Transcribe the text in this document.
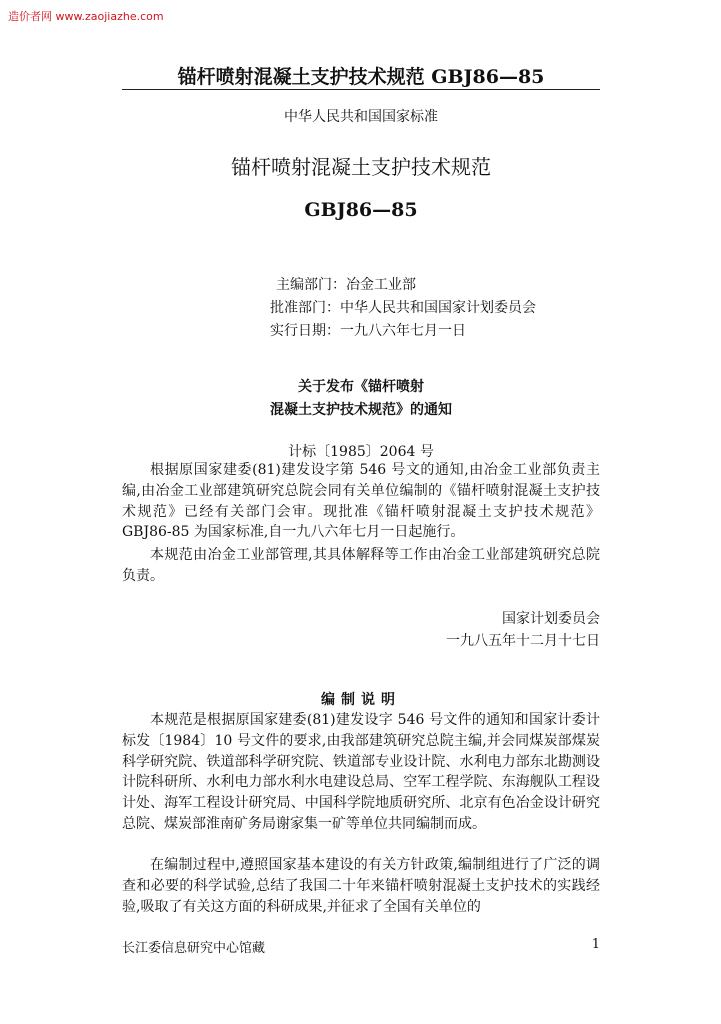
造价者网 www.zaojiazhe.com
锚杆喷射混凝土支护技术规范 GBJ86—85
中华人民共和国国家标准
锚杆喷射混凝土支护技术规范
GBJ86—85
主编部门：冶金工业部
批准部门：中华人民共和国国家计划委员会
实行日期：一九八六年七月一日
关于发布《锚杆喷射
混凝土支护技术规范》的通知
计标〔1985〕2064 号
根据原国家建委(81)建发设字第 546 号文的通知,由冶金工业部负责主编,由冶金工业部建筑研究总院会同有关单位编制的《锚杆喷射混凝土支护技术规范》已经有关部门会审。现批准《锚杆喷射混凝土支护技术规范》GBJ86-85 为国家标准,自一九八六年七月一日起施行。
本规范由冶金工业部管理,其具体解释等工作由冶金工业部建筑研究总院负责。
国家计划委员会
一九八五年十二月十七日
编制说明
本规范是根据原国家建委(81)建发设字 546 号文件的通知和国家计委计标发〔1984〕10 号文件的要求,由我部建筑研究总院主编,并会同煤炭部煤炭科学研究院、铁道部科学研究院、铁道部专业设计院、水利电力部东北勘测设计院科研所、水利电力部水利水电建设总局、空军工程学院、东海舰队工程设计处、海军工程设计研究局、中国科学院地质研究所、北京有色冶金设计研究总院、煤炭部淮南矿务局谢家集一矿等单位共同编制而成。
在编制过程中,遵照国家基本建设的有关方针政策,编制组进行了广泛的调查和必要的科学试验,总结了我国二十年来锚杆喷射混凝土支护技术的实践经验,吸取了有关这方面的科研成果,并征求了全国有关单位的
长江委信息研究中心馆藏	1
